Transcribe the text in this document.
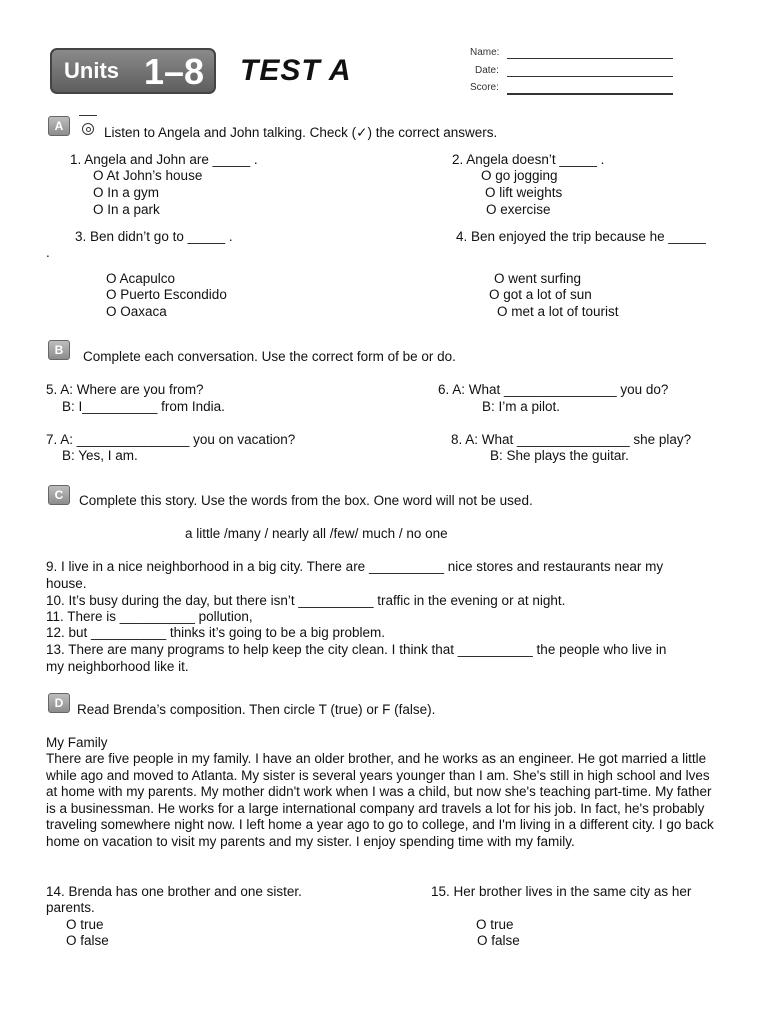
Units 1–8 TEST A
Name:
Date:
Score:
A	Listen to Angela and John talking. Check (✓) the correct answers.
1. Angela and John are _____ .
O At John’s house
O In a gym
O In a park
2. Angela doesn’t _____ .
O go jogging
O lift weights
O exercise
3. Ben didn’t go to _____ .
O Acapulco
O Puerto Escondido
O Oaxaca
4. Ben enjoyed the trip because he _____
.
O went surfing
O got a lot of sun
O met a lot of tourist
B	Complete each conversation. Use the correct form of be or do.
5. A: Where are you from?
B: I__________ from India.
6. A: What _______________ you do?
B: I’m a pilot.
7. A: _______________ you on vacation?
B: Yes, I am.
8. A: What _______________ she play?
B: She plays the guitar.
C	Complete this story. Use the words from the box. One word will not be used.
a little /many / nearly all /few/ much / no one
9. I live in a nice neighborhood in a big city. There are __________ nice stores and restaurants near my
house.
10. It’s busy during the day, but there isn’t __________ traffic in the evening or at night.
11. There is __________ pollution,
12. but __________ thinks it’s going to be a big problem.
13. There are many programs to help keep the city clean. I think that __________ the people who live in
my neighborhood like it.
D	Read Brenda’s composition. Then circle T (true) or F (false).
My Family
There are five people in my family. I have an older brother, and he works as an engineer. He got married a little while ago and moved to Atlanta. My sister is several years younger than I am. She's still in high school and lves at home with my parents. My mother didn't work when I was a child, but now she's teaching part-time. My father is a businessman. He works for a large international company ard travels a lot for his job. In fact, he's probably traveling somewhere night now. I left home a year ago to go to college, and I'm living in a different city. I go back home on vacation to visit my parents and my sister. I enjoy spending time with my family.
14. Brenda has one brother and one sister.
parents.
O true
O false
15. Her brother lives in the same city as her
O true
O false
